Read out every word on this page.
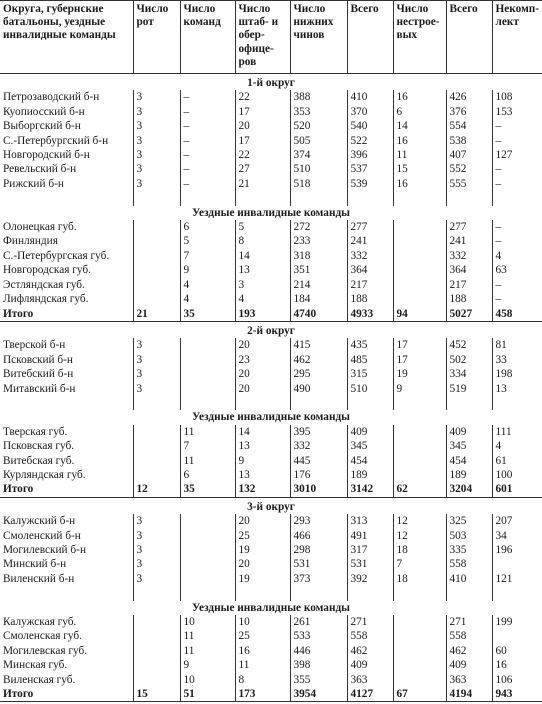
Округа, губернские батальоны, уездные инвалидные команды	Число рот	Число команд	Число штаб- и обер-офице-ров	Число нижних чинов	Всего	Число нестрое-вых	Всего	Некомп-лект
1-й округ								
Петрозаводский б-н	3	–	22	388	410	16	426	108
Куопиосский б-н	3	–	17	353	370	6	376	153
Выборгский б-н	3	–	20	520	540	14	554	–
С.-Петербургский б-н	3	–	17	505	522	16	538	–
Новгородский б-н	3	–	22	374	396	11	407	127
Ревельский б-н	3	–	27	510	537	15	552	–
Рижский б-н	3	–	21	518	539	16	555	–

Уездные инвалидные команды								
Олонецкая губ.		6	5	272	277		277	–
Финляндия		5	8	233	241		241	–
С.-Петербургская губ.		7	14	318	332		332	4
Новгородская губ.		9	13	351	364		364	63
Эстляндская губ.		4	3	214	217		217	–
Лифляндская губ.		4	4	184	188		188	–
Итого	21	35	193	4740	4933	94	5027	458
2-й округ								
Тверской б-н	3		20	415	435	17	452	81
Псковский б-н	3		23	462	485	17	502	33
Витебский б-н	3		20	295	315	19	334	198
Митавский б-н	3		20	490	510	9	519	13

Уездные инвалидные команды								
Тверская губ.		11	14	395	409		409	111
Псковская губ.		7	13	332	345		345	4
Витебская губ.		11	9	445	454		454	61
Курляндская губ.		6	13	176	189		189	100
Итого	12	35	132	3010	3142	62	3204	601
3-й округ								
Калужский б-н	3		20	293	313	12	325	207
Смоленский б-н	3		25	466	491	12	503	34
Могилевский б-н	3		19	298	317	18	335	196
Минский б-н	3		20	531	531	7	558	
Виленский б-н	3		19	373	392	18	410	121

Уездные инвалидные команды								
Калужская губ.		10	10	261	271		271	199
Смоленская губ.		11	25	533	558		558	
Могилевская губ.		11	16	446	462		462	60
Минская губ.		9	11	398	409		409	16
Виленская губ.		10	8	355	363		363	106
Итого	15	51	173	3954	4127	67	4194	943
